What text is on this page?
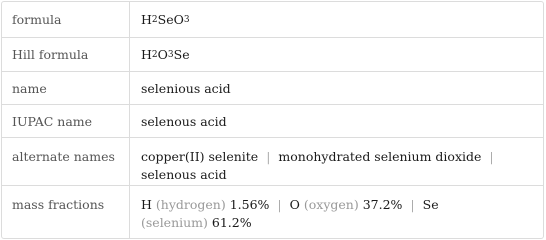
formula	H 2 SeO 3
Hill formula	H 2 O 3 Se
name	selenious acid
IUPAC name	selenous acid
alternate names	copper(II) selenite | monohydrated selenium dioxide |
selenous acid
mass fractions	H (hydrogen) 1.56% | O (oxygen) 37.2% | Se
(selenium) 61.2%
